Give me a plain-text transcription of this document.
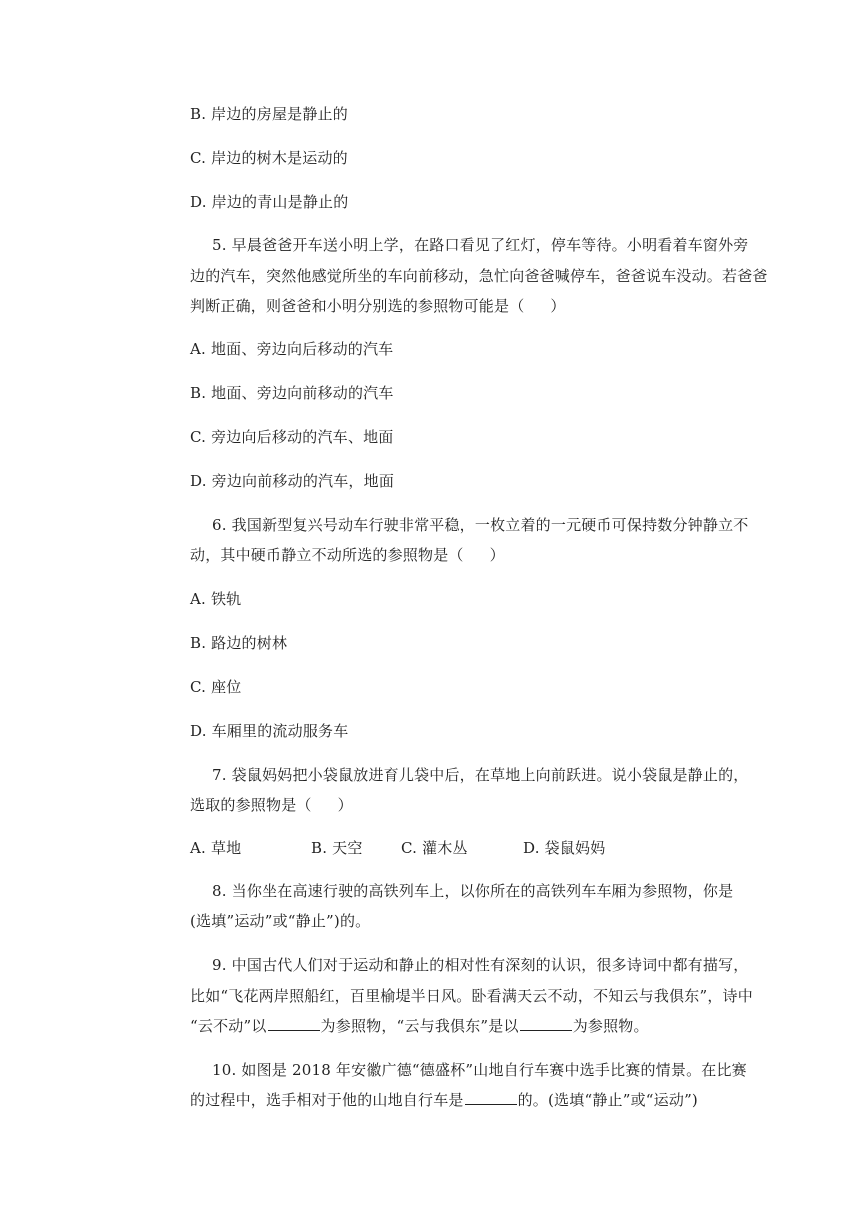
B. 岸边的房屋是静止的
C. 岸边的树木是运动的
D. 岸边的青山是静止的
5. 早晨爸爸开车送小明上学，在路口看见了红灯，停车等待。小明看着车窗外旁
边的汽车，突然他感觉所坐的车向前移动，急忙向爸爸喊停车，爸爸说车没动。若爸爸
判断正确，则爸爸和小明分别选的参照物可能是（ ）
A. 地面、旁边向后移动的汽车
B. 地面、旁边向前移动的汽车
C. 旁边向后移动的汽车、地面
D. 旁边向前移动的汽车，地面
6. 我国新型复兴号动车行驶非常平稳，一枚立着的一元硬币可保持数分钟静立不
动，其中硬币静立不动所选的参照物是（ ）
A. 铁轨
B. 路边的树林
C. 座位
D. 车厢里的流动服务车
7. 袋鼠妈妈把小袋鼠放进育儿袋中后，在草地上向前跃进。说小袋鼠是静止的，
选取的参照物是（ ）
A. 草地	B. 天空	C. 灌木丛	D. 袋鼠妈妈
8. 当你坐在高速行驶的高铁列车上，以你所在的高铁列车车厢为参照物，你是
(选填”运动”或“静止”)的。
9. 中国古代人们对于运动和静止的相对性有深刻的认识，很多诗词中都有描写，
比如“飞花两岸照船红，百里榆堤半日风。卧看满天云不动，不知云与我俱东”，诗中
“云不动”以	为参照物，“云与我俱东”是以	为参照物。
10. 如图是 2018 年安徽广德“德盛杯”山地自行车赛中选手比赛的情景。在比赛
的过程中，选手相对于他的山地自行车是	的。(选填“静止”或“运动”)
